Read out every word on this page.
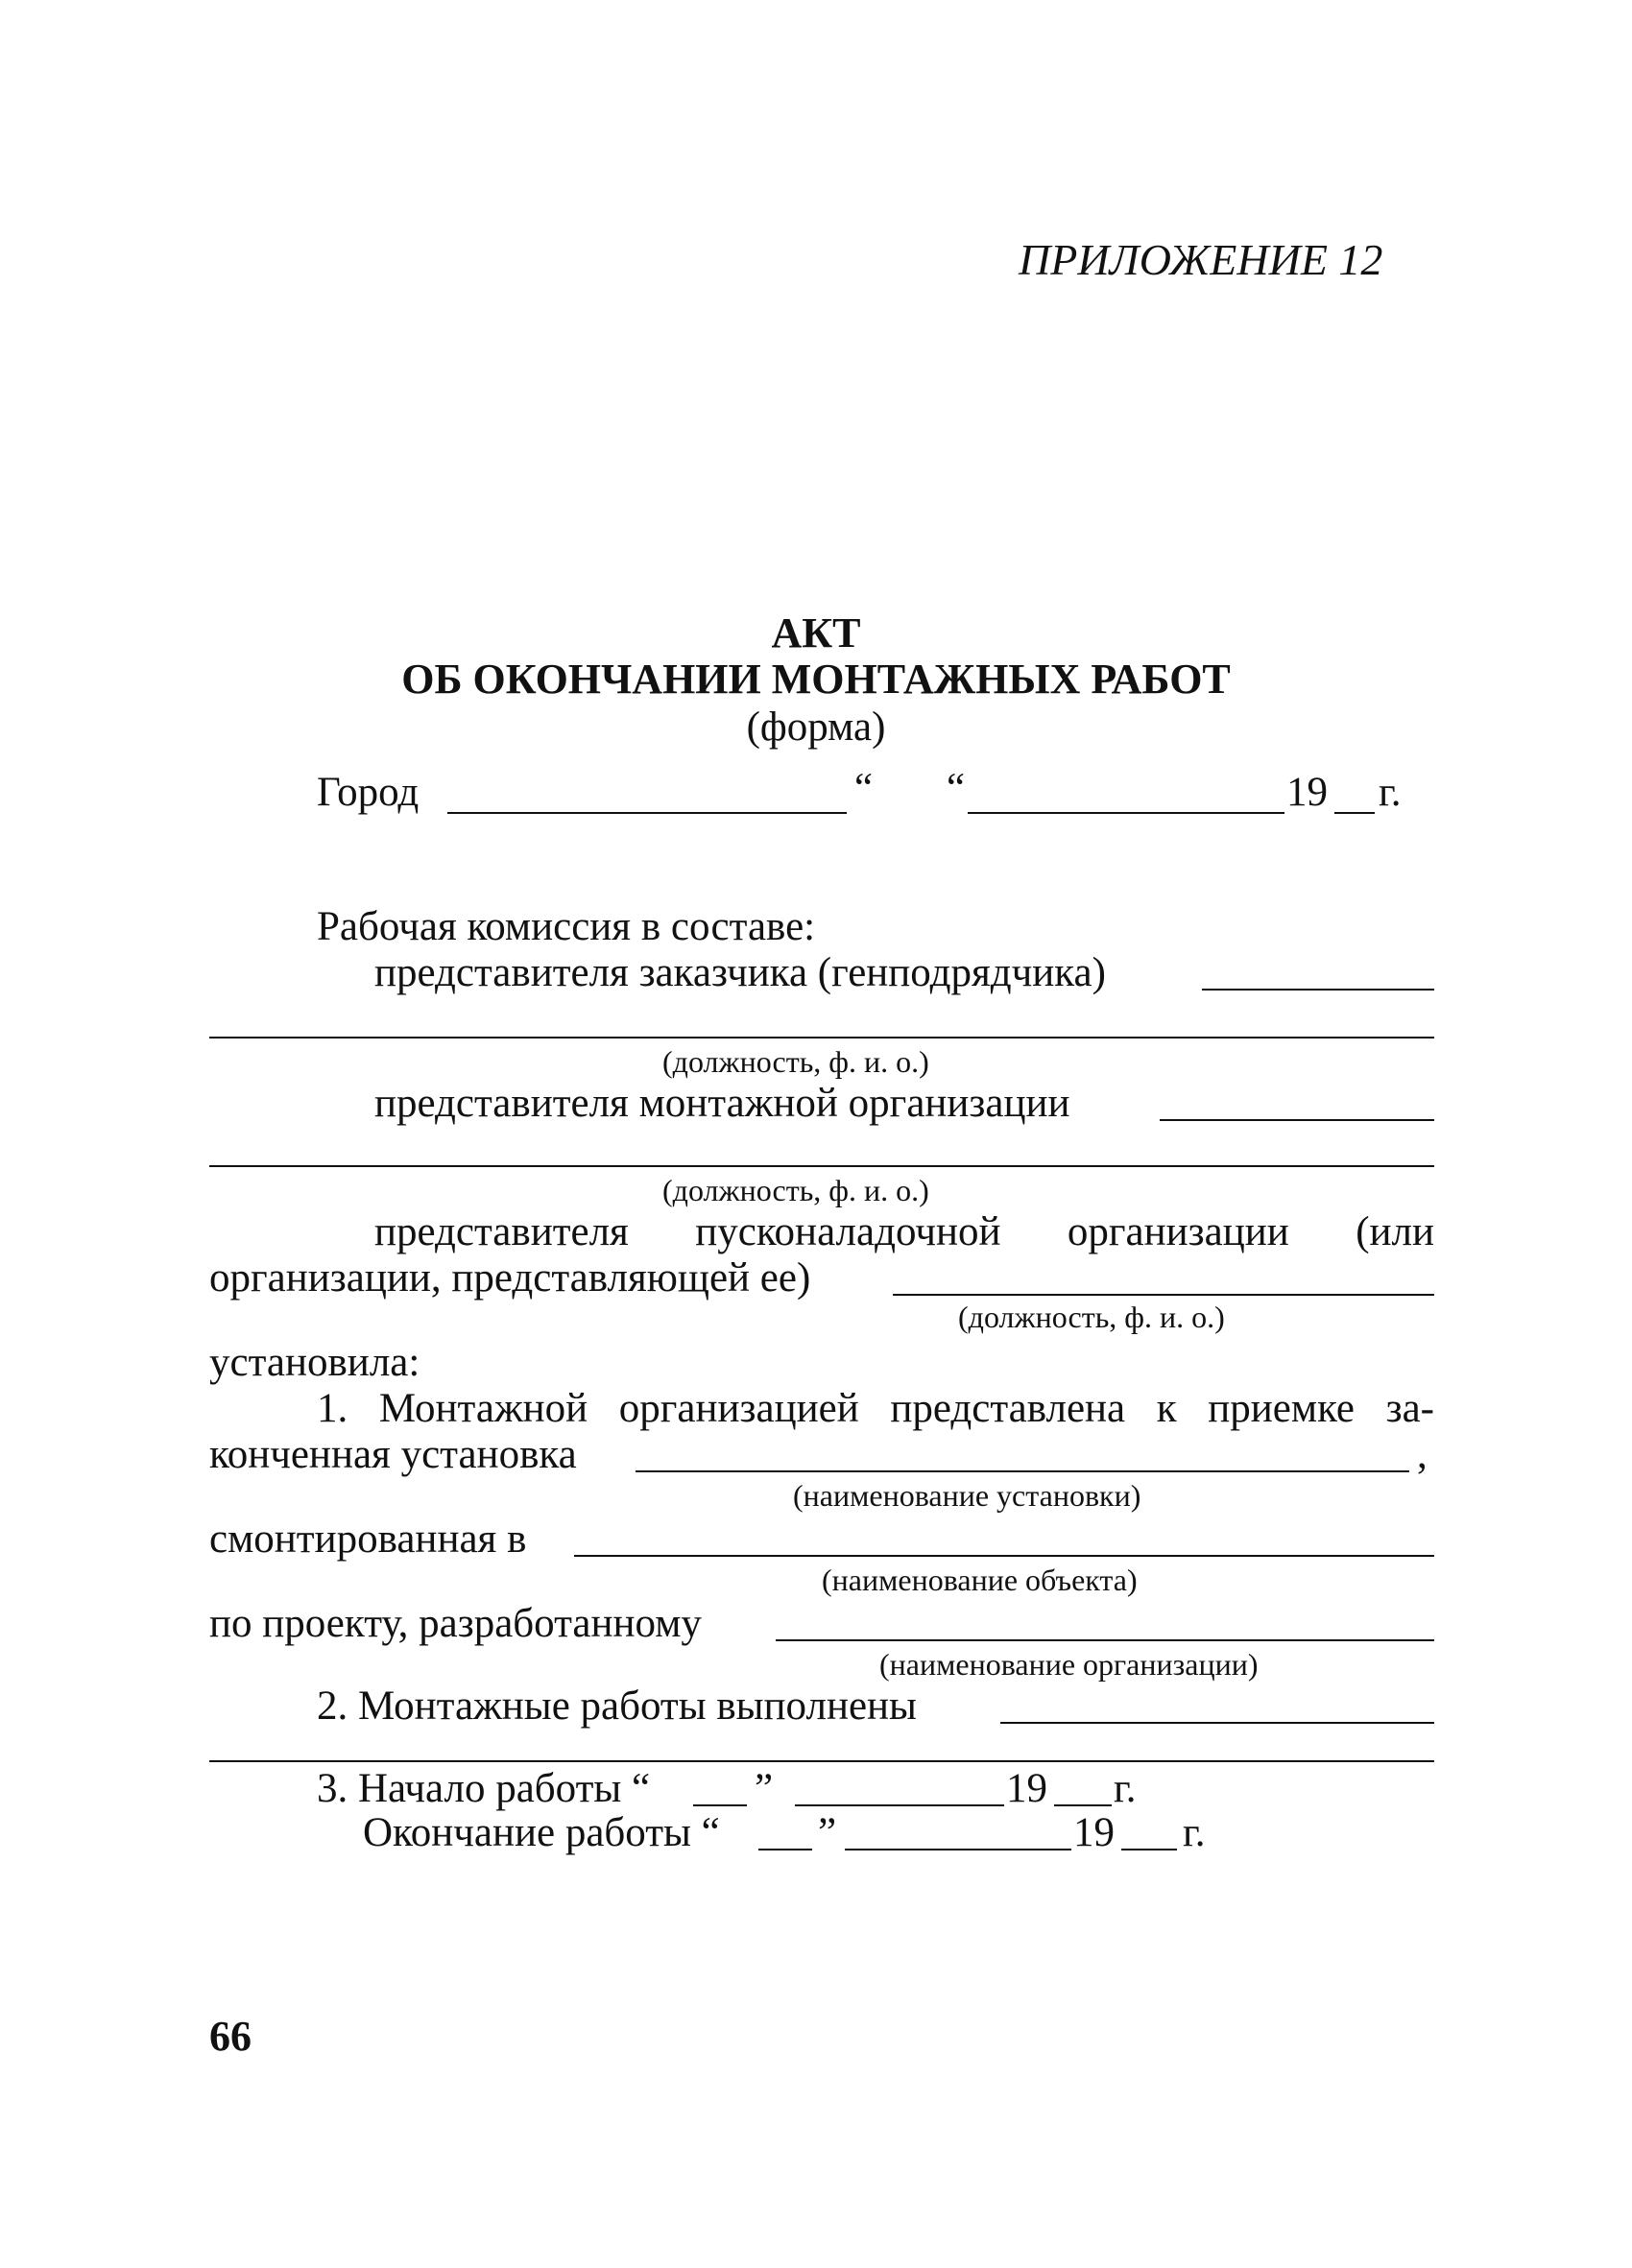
ПРИЛОЖЕНИЕ 12
АКТ
ОБ ОКОНЧАНИИ МОНТАЖНЫХ РАБОТ
(форма)
Город	“ “	19 г.
Рабочая комиссия в составе:
представителя заказчика (генподрядчика)
(должность, ф. и. о.)
представителя монтажной организации
(должность, ф. и. о.)
представителя пусконаладочной организации (или
организации, представляющей ее)
(должность, ф. и. о.)
установила:
1. Монтажной организацией представлена к приемке за-
конченная установка	,
(наименование установки)
смонтированная в
(наименование объекта)
по проекту, разработанному
(наименование организации)
2. Монтажные работы выполнены
3. Начало работы “	”	19 г.
Окончание работы “ ”	19 г.
66
